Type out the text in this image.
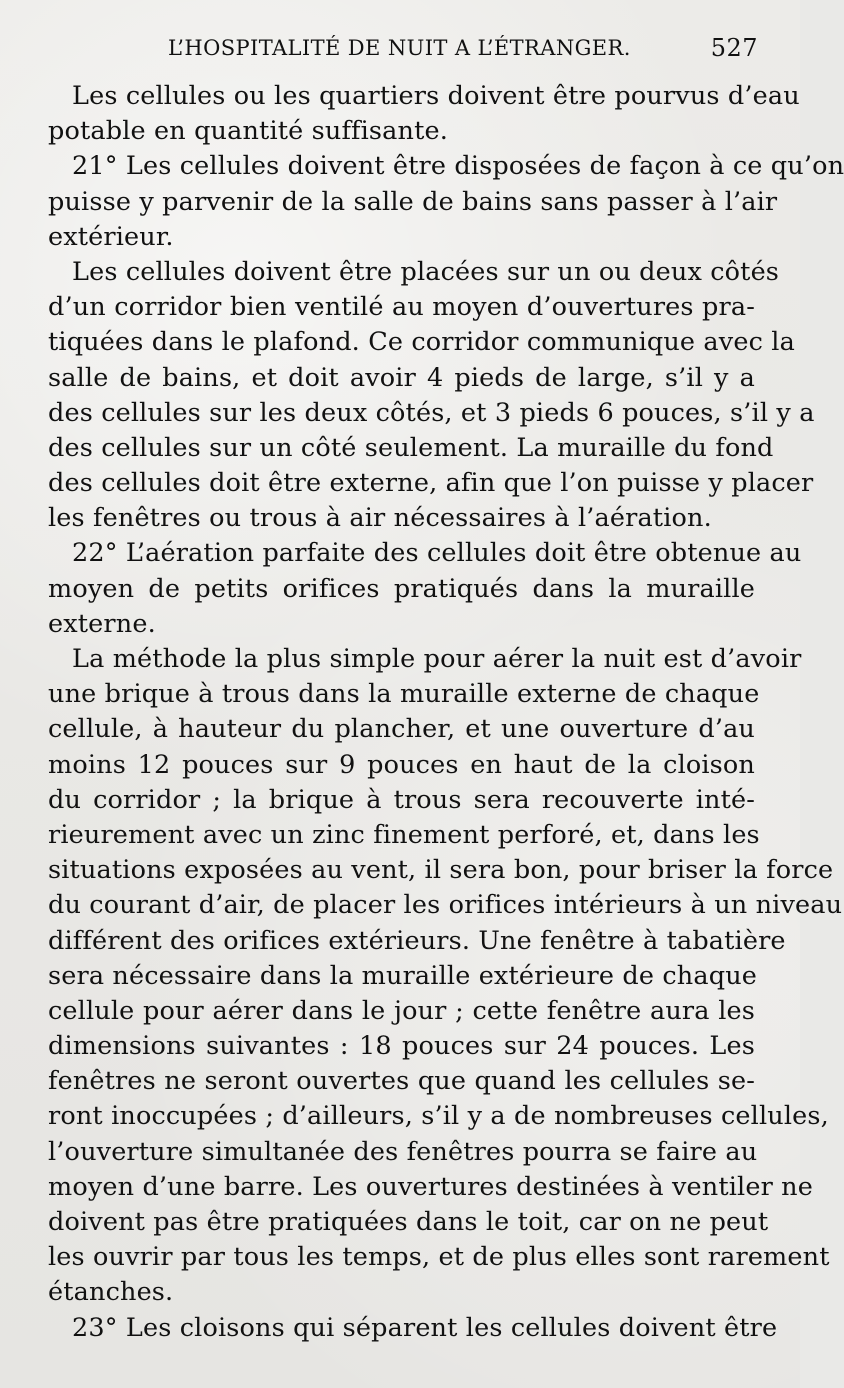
L’HOSPITALITÉ DE NUIT A L’ÉTRANGER.	527
Les cellules ou les quartiers doivent être pourvus d’eau
potable en quantité suffisante.
21° Les cellules doivent être disposées de façon à ce qu’on
puisse y parvenir de la salle de bains sans passer à l’air
extérieur.
Les cellules doivent être placées sur un ou deux côtés
d’un corridor bien ventilé au moyen d’ouvertures pra-
tiquées dans le plafond. Ce corridor communique avec la
salle de bains, et doit avoir 4 pieds de large, s’il y a
des cellules sur les deux côtés, et 3 pieds 6 pouces, s’il y a
des cellules sur un côté seulement. La muraille du fond
des cellules doit être externe, afin que l’on puisse y placer
les fenêtres ou trous à air nécessaires à l’aération.
22° L’aération parfaite des cellules doit être obtenue au
moyen de petits orifices pratiqués dans la muraille
externe.
La méthode la plus simple pour aérer la nuit est d’avoir
une brique à trous dans la muraille externe de chaque
cellule, à hauteur du plancher, et une ouverture d’au
moins 12 pouces sur 9 pouces en haut de la cloison
du corridor ; la brique à trous sera recouverte inté-
rieurement avec un zinc finement perforé, et, dans les
situations exposées au vent, il sera bon, pour briser la force
du courant d’air, de placer les orifices intérieurs à un niveau
différent des orifices extérieurs. Une fenêtre à tabatière
sera nécessaire dans la muraille extérieure de chaque
cellule pour aérer dans le jour ; cette fenêtre aura les
dimensions suivantes : 18 pouces sur 24 pouces. Les
fenêtres ne seront ouvertes que quand les cellules se-
ront inoccupées ; d’ailleurs, s’il y a de nombreuses cellules,
l’ouverture simultanée des fenêtres pourra se faire au
moyen d’une barre. Les ouvertures destinées à ventiler ne
doivent pas être pratiquées dans le toit, car on ne peut
les ouvrir par tous les temps, et de plus elles sont rarement
étanches.
23° Les cloisons qui séparent les cellules doivent être
